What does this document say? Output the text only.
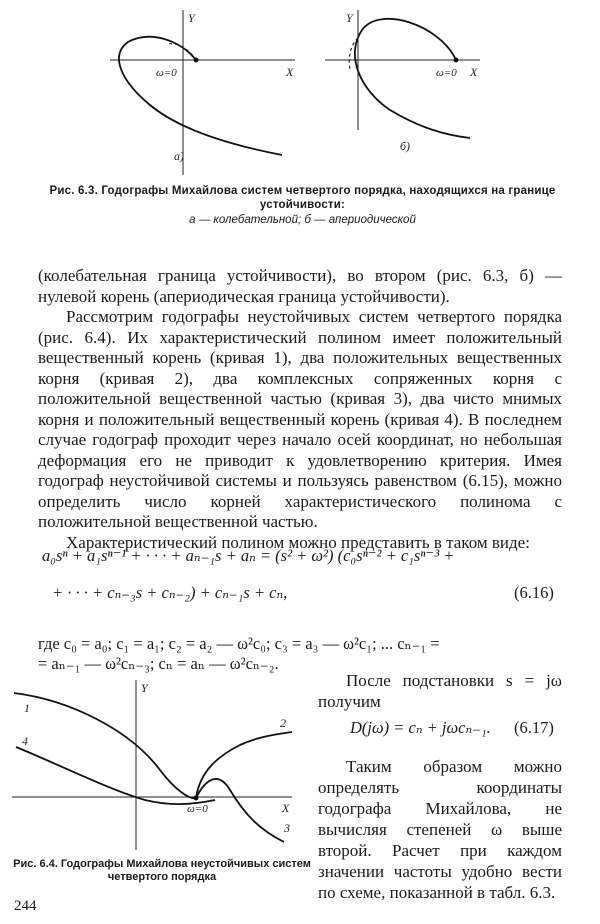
Y
X
ω=0
а)
Y
X
ω=0
б)
Рис. 6.3. Годографы Михайлова систем четвертого порядка, находящихся на границе устойчивости:
а — колебательной; б — апериодической

(колебательная граница устойчивости), во втором (рис. 6.3, б) — нулевой корень (апериодическая граница устойчивости).

Рассмотрим годографы неустойчивых систем четвертого порядка (рис. 6.4). Их характеристический полином имеет положительный вещественный корень (кривая 1), два положительных вещественных корня (кривая 2), два комплексных сопряженных корня с положительной вещественной частью (кривая 3), два чисто мнимых корня и положительный вещественный корень (кривая 4). В последнем случае годограф проходит через начало осей координат, но небольшая деформация его не приводит к удовлетворению критерия. Имея годограф неустойчивой системы и пользуясь равенством (6.15), можно определить число корней характеристического полинома с положительной вещественной частью.

Характеристический полином можно представить в таком виде:

a₀sⁿ + a₁sⁿ⁻¹ + · · · + aₙ₋₁s + aₙ = (s² + ω²) (c₀sⁿ⁻² + c₁sⁿ⁻³ +
+ · · · + cₙ₋₃s + cₙ₋₂) + cₙ₋₁s + cₙ,	(6.16)
где c₀ = a₀; c₁ = a₁; c₂ = a₂ — ω²c₀; c₃ = a₃ — ω²c₁; ... cₙ₋₁ =
= aₙ₋₁ — ω²cₙ₋₃; cₙ = aₙ — ω²cₙ₋₂.
Y
X
ω=0
1
2
3
4
Рис. 6.4. Годографы Михайлова неустойчивых систем четвертого порядка

После подстановки s = jω получим

D(jω) = cₙ + jωcₙ₋₁. (6.17)

Таким образом можно определять координаты годографа Михайлова, не вычисляя степеней ω выше второй. Расчет при каждом значении частоты удобно вести по схеме, показанной в табл. 6.3.

244
